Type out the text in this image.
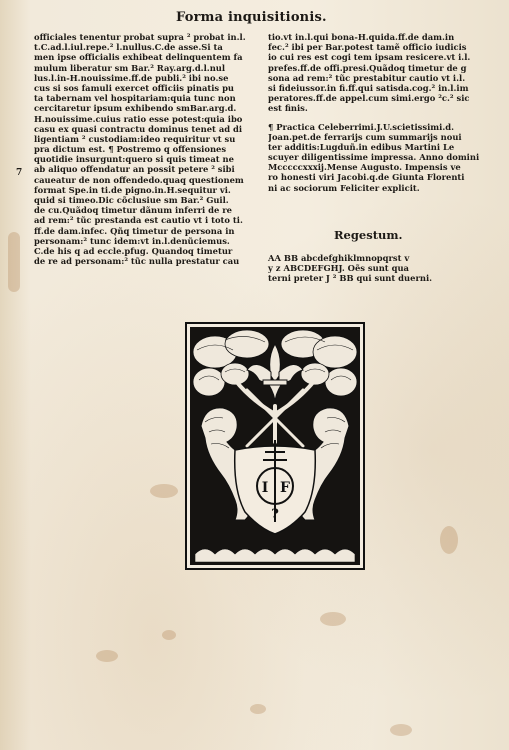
Forma inquisitionis.
7
officiales tenentur probat supra ² probat in.l.
t.C.ad.l.iul.repe.² l.nullus.C.de asse.Si ta
men ipse officialis exhibeat delinquentem fa
mulum liberatur sm Bar.² Ray.arg.d.l.nul
lus.l.in-H.nouissime.ff.de publi.² ibi no.se
cus si sos famuli exercet officiis pinatis pu
ta tabernam vel hospitariam:quia tunc non
cercitaretur ipsum exhibendo smBar.arg.d.
H.nouissime.cuius ratio esse potest:quia ibo
casu ex quasi contractu dominus tenet ad di
ligentiam ² custodiam:ideo requiritur vt su
pra dictum est. ¶ Postremo q offensiones
quotidie insurgunt:quero si quis timeat ne
ab aliquo offendatur an possit petere ² sibi
caueatur de non offendedo.quaq questionem
format Spe.in ti.de pigno.in.H.sequitur vi.
quid si timeo.Dic cõclusiue sm Bar.² Guil.
de cu.Quãdoq timetur dãnum inferri de re
ad rem:² tũc prestanda est cautio vt i toto ti.
ff.de dam.infec. Qñq timetur de persona in
personam:² tunc idem:vt in.l.denũciemus.
C.de his q ad eccle.pfug. Quandoq timetur
de re ad personam:² tũc nulla prestatur cau
tio.vt in.l.qui bona-H.quida.ff.de dam.in
fec.² ibi per Bar.potest tamẽ officio iudicis
io cui res est cogi tem ipsam resicere.vt i.l.
prefes.ff.de offi.presi.Quãdoq timetur de g
sona ad rem:² tũc prestabitur cautio vt i.l.
si fideiussor.in fi.ff.qui satisda.cog.² in.l.im
peratores.ff.de appel.cum simi.ergo ²c.² sic
est finis.
¶ Practica Celeberrimi.J.U.scietissimi.d.
Joan.pet.de ferrarijs cum summarijs noui
ter additis:Lugduñ.in edibus Martini Le
scuyer diligentissime impressa. Anno domini
Mcccccxxxij.Mense Augusto. Impensis ve
ro honesti viri Jacobi.q.de Giunta Florenti
ni ac sociorum Feliciter explicit.
Regestum.
AA BB abcdefghiklmnopqrst v
y z ABCDEFGHJ. Oẽs sunt qua
terni preter J ² BB qui sunt duerni.
I F
?
